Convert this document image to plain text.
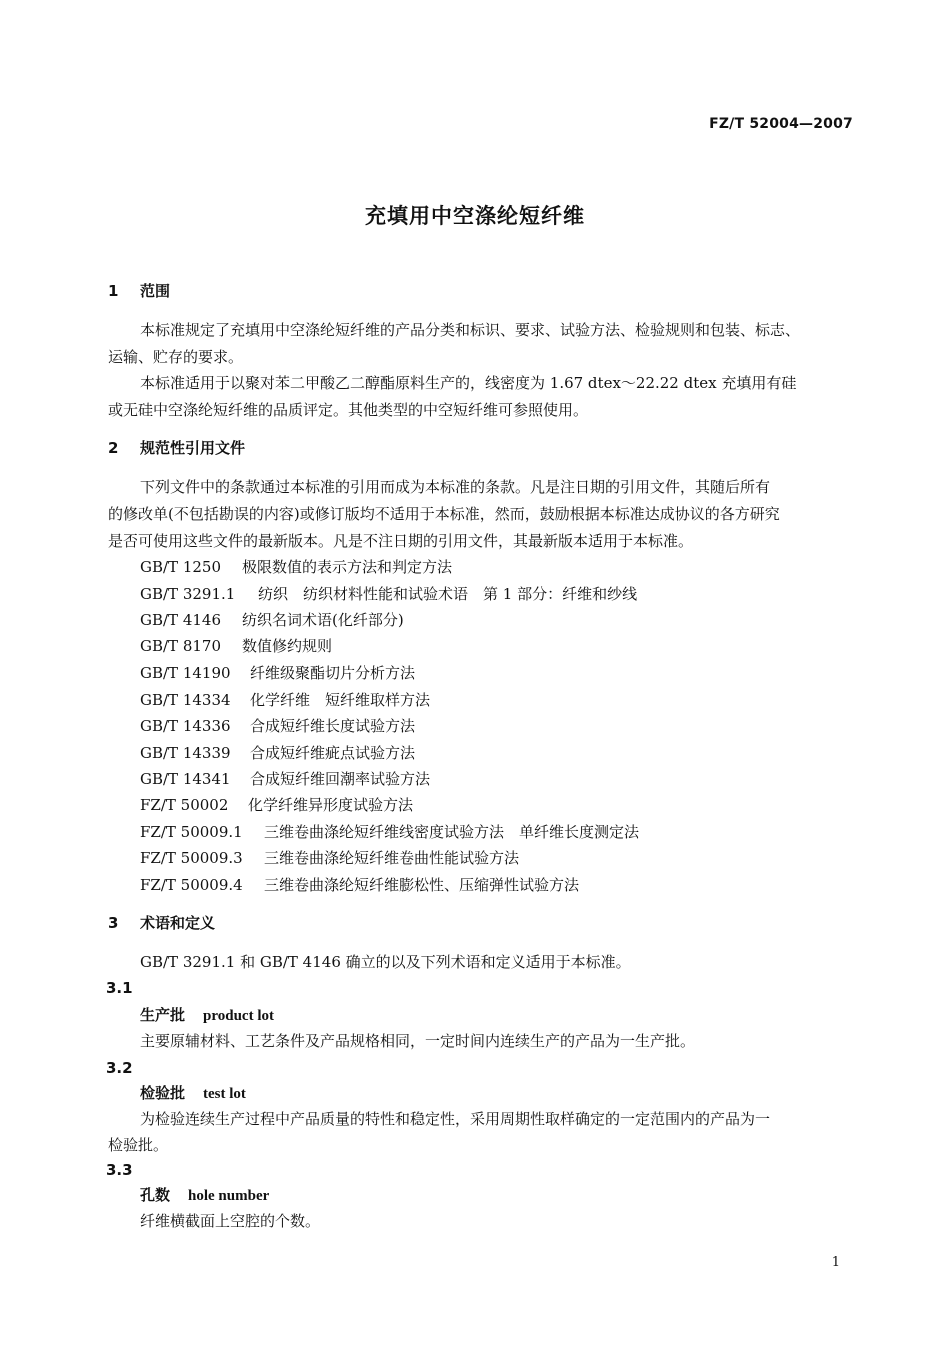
FZ/T 52004—2007
充填用中空涤纶短纤维
1 范围
本标准规定了充填用中空涤纶短纤维的产品分类和标识、要求、试验方法、检验规则和包装、标志、
运输、贮存的要求。
本标准适用于以聚对苯二甲酸乙二醇酯原料生产的，线密度为 1.67 dtex～22.22 dtex 充填用有硅
或无硅中空涤纶短纤维的品质评定。其他类型的中空短纤维可参照使用。
2 规范性引用文件
下列文件中的条款通过本标准的引用而成为本标准的条款。凡是注日期的引用文件，其随后所有
的修改单(不包括勘误的内容)或修订版均不适用于本标准，然而，鼓励根据本标准达成协议的各方研究
是否可使用这些文件的最新版本。凡是不注日期的引用文件，其最新版本适用于本标准。
GB/T 1250 极限数值的表示方法和判定方法
GB/T 3291.1 纺织　纺织材料性能和试验术语　第 1 部分：纤维和纱线
GB/T 4146 纺织名词术语(化纤部分)
GB/T 8170 数值修约规则
GB/T 14190 纤维级聚酯切片分析方法
GB/T 14334 化学纤维　短纤维取样方法
GB/T 14336 合成短纤维长度试验方法
GB/T 14339 合成短纤维疵点试验方法
GB/T 14341 合成短纤维回潮率试验方法
FZ/T 50002 化学纤维异形度试验方法
FZ/T 50009.1 三维卷曲涤纶短纤维线密度试验方法　单纤维长度测定法
FZ/T 50009.3 三维卷曲涤纶短纤维卷曲性能试验方法
FZ/T 50009.4 三维卷曲涤纶短纤维膨松性、压缩弹性试验方法
3 术语和定义
GB/T 3291.1 和 GB/T 4146 确立的以及下列术语和定义适用于本标准。
3.1
生产批 product lot
主要原辅材料、工艺条件及产品规格相同，一定时间内连续生产的产品为一生产批。
3.2
检验批 test lot
为检验连续生产过程中产品质量的特性和稳定性，采用周期性取样确定的一定范围内的产品为一
检验批。
3.3
孔数 hole number
纤维横截面上空腔的个数。
1
